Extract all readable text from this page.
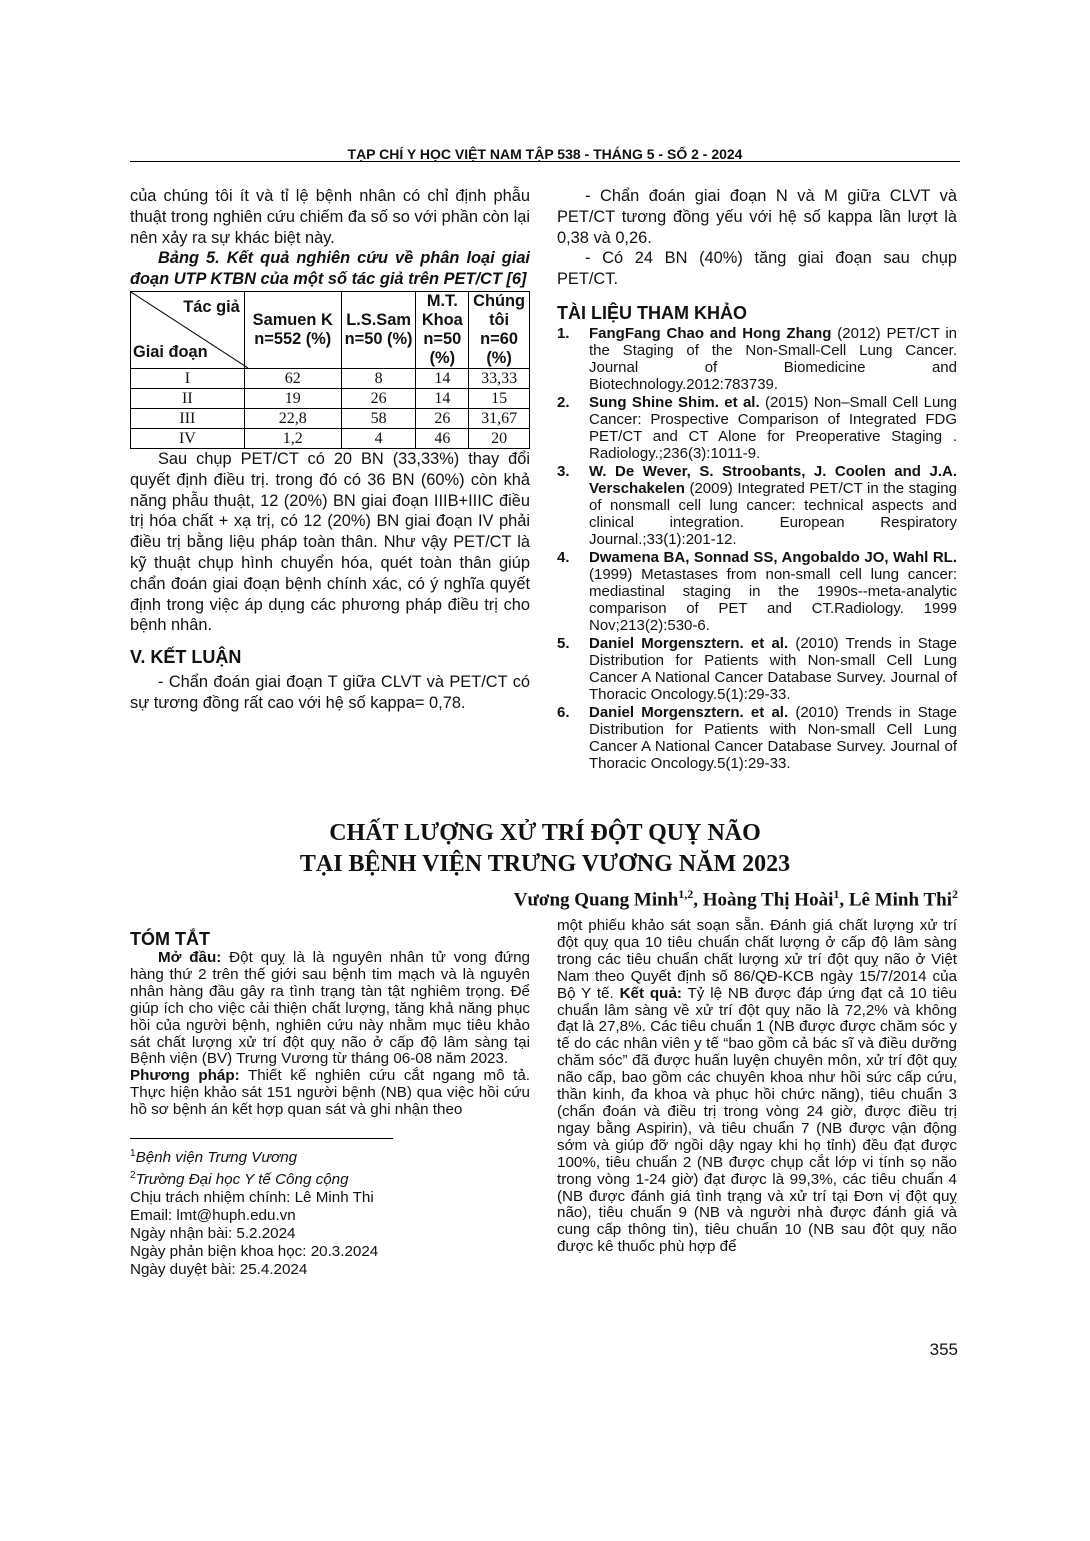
TẠP CHÍ Y HỌC VIỆT NAM TẬP 538 - THÁNG 5 - SỐ 2 - 2024

của chúng tôi ít và tỉ lệ bệnh nhân có chỉ định phẫu thuật trong nghiên cứu chiếm đa số so với phần còn lại nên xảy ra sự khác biệt này.

Bảng 5. Kết quả nghiên cứu về phân loại giai đoạn UTP KTBN của một số tác giả trên PET/CT [6]

Tác giả
Giai đoạn	Samuen K n=552 (%)	L.S.Sam n=50 (%)	M.T. Khoa n=50 (%)	Chúng tôi n=60 (%)
I	62	8	14	33,33
II	19	26	14	15
III	22,8	58	26	31,67
IV	1,2	4	46	20

Sau chụp PET/CT có 20 BN (33,33%) thay đổi quyết định điều trị. trong đó có 36 BN (60%) còn khả năng phẫu thuật, 12 (20%) BN giai đoạn IIIB+IIIC điều trị hóa chất + xạ trị, có 12 (20%) BN giai đoạn IV phải điều trị bằng liệu pháp toàn thân. Như vậy PET/CT là kỹ thuật chụp hình chuyển hóa, quét toàn thân giúp chẩn đoán giai đoạn bệnh chính xác, có ý nghĩa quyết định trong việc áp dụng các phương pháp điều trị cho bệnh nhân.

V. KẾT LUẬN

- Chẩn đoán giai đoạn T giữa CLVT và PET/CT có sự tương đồng rất cao với hệ số kappa= 0,78.

- Chẩn đoán giai đoạn N và M giữa CLVT và PET/CT tương đồng yếu với hệ số kappa lần lượt là 0,38 và 0,26.

- Có 24 BN (40%) tăng giai đoạn sau chụp PET/CT.

TÀI LIỆU THAM KHẢO
1.	FangFang Chao and Hong Zhang (2012) PET/CT in the Staging of the Non-Small-Cell Lung Cancer. Journal of Biomedicine and Biotechnology.2012:783739.
2.	Sung Shine Shim. et al. (2015) Non–Small Cell Lung Cancer: Prospective Comparison of Integrated FDG PET/CT and CT Alone for Preoperative Staging . Radiology.;236(3):1011-9.
3.	W. De Wever, S. Stroobants, J. Coolen and J.A. Verschakelen (2009) Integrated PET/CT in the staging of nonsmall cell lung cancer: technical aspects and clinical integration. European Respiratory Journal.;33(1):201-12.
4.	Dwamena BA, Sonnad SS, Angobaldo JO, Wahl RL. (1999) Metastases from non-small cell lung cancer: mediastinal staging in the 1990s--meta-analytic comparison of PET and CT.Radiology. 1999 Nov;213(2):530-6.
5.	Daniel Morgensztern. et al. (2010) Trends in Stage Distribution for Patients with Non-small Cell Lung Cancer A National Cancer Database Survey. Journal of Thoracic Oncology.5(1):29-33.
6.	Daniel Morgensztern. et al. (2010) Trends in Stage Distribution for Patients with Non-small Cell Lung Cancer A National Cancer Database Survey. Journal of Thoracic Oncology.5(1):29-33.
CHẤT LƯỢNG XỬ TRÍ ĐỘT QUỴ NÃO
TẠI BỆNH VIỆN TRƯNG VƯƠNG NĂM 2023
Vương Quang Minh$^{1,2}$, Hoàng Thị Hoài$^1$, Lê Minh Thi$^2$
TÓM TẮT

Mở đầu: Đột quỵ là là nguyên nhân tử vong đứng hàng thứ 2 trên thế giới sau bệnh tim mạch và là nguyên nhân hàng đầu gây ra tình trạng tàn tật nghiêm trọng. Để giúp ích cho việc cải thiện chất lượng, tăng khả năng phục hồi của người bệnh, nghiên cứu này nhằm mục tiêu khảo sát chất lượng xử trí đột quỵ não ở cấp độ lâm sàng tại Bệnh viện (BV) Trưng Vương từ tháng 06-08 năm 2023.

Phương pháp: Thiết kế nghiên cứu cắt ngang mô tả. Thực hiện khảo sát 151 người bệnh (NB) qua việc hồi cứu hồ sơ bệnh án kết hợp quan sát và ghi nhận theo

$^1$Bệnh viện Trưng Vương
$^2$Trường Đại học Y tế Công cộng
Chịu trách nhiệm chính: Lê Minh Thi
Email: lmt@huph.edu.vn
Ngày nhận bài: 5.2.2024
Ngày phản biện khoa học: 20.3.2024
Ngày duyệt bài: 25.4.2024

một phiếu khảo sát soạn sẵn. Đánh giá chất lượng xử trí đột quỵ qua 10 tiêu chuẩn chất lượng ở cấp độ lâm sàng trong các tiêu chuẩn chất lượng xử trí đột quỵ não ở Việt Nam theo Quyết định số 86/QĐ-KCB ngày 15/7/2014 của Bộ Y tế. Kết quả: Tỷ lệ NB được đáp ứng đạt cả 10 tiêu chuẩn lâm sàng về xử trí đột quỵ não là 72,2% và không đạt là 27,8%. Các tiêu chuẩn 1 (NB được được chăm sóc y tế do các nhân viên y tế “bao gồm cả bác sĩ và điều dưỡng chăm sóc” đã được huấn luyện chuyên môn, xử trí đột quỵ não cấp, bao gồm các chuyên khoa như hồi sức cấp cứu, thần kinh, đa khoa và phục hồi chức năng), tiêu chuẩn 3 (chẩn đoán và điều trị trong vòng 24 giờ, được điều trị ngay bằng Aspirin), và tiêu chuẩn 7 (NB được vận động sớm và giúp đỡ ngồi dậy ngay khi họ tỉnh) đều đạt được 100%, tiêu chuẩn 2 (NB được chụp cắt lớp vi tính sọ não trong vòng 1-24 giờ) đạt được là 99,3%, các tiêu chuẩn 4 (NB được đánh giá tình trạng và xử trí tại Đơn vị đột quỵ não), tiêu chuẩn 9 (NB và người nhà được đánh giá và cung cấp thông tin), tiêu chuẩn 10 (NB sau đột quỵ não được kê thuốc phù hợp để

355
